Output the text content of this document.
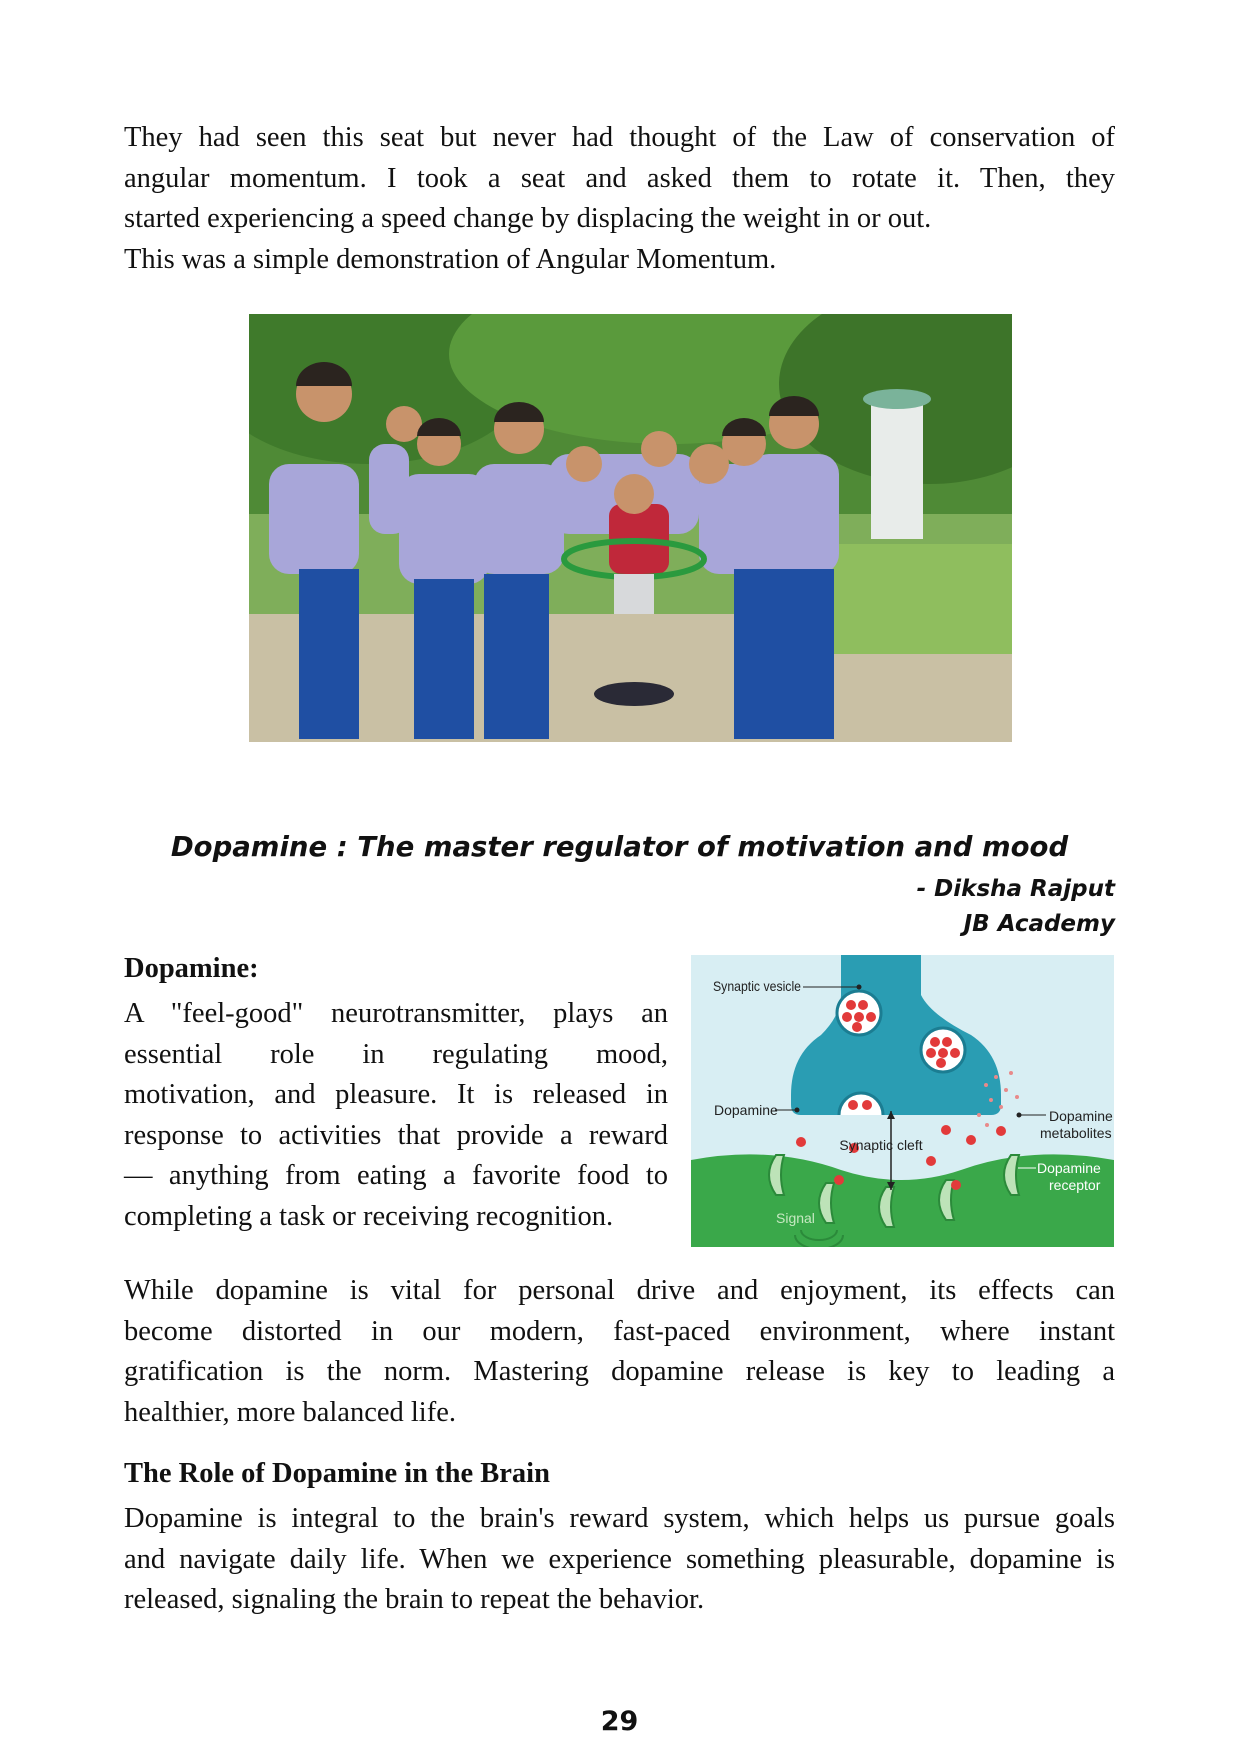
They had seen this seat but never had thought of the Law of conservation of
angular momentum. I took a seat and asked them to rotate it. Then, they
started experiencing a speed change by displacing the weight in or out.
This was a simple demonstration of Angular Momentum.

Dopamine : The master regulator of motivation and mood

- Diksha Rajput

JB Academy

Dopamine:

A "feel-good" neurotransmitter, plays an
essential role in regulating mood,
motivation, and pleasure. It is released in
response to activities that provide a reward
— anything from eating a favorite food to
completing a task or receiving recognition.

Synaptic vesicle
Dopamine
Synaptic cleft
Dopamine
metabolites
Dopamine
receptor
Signal

While dopamine is vital for personal drive and enjoyment, its effects can
become distorted in our modern, fast-paced environment, where instant
gratification is the norm. Mastering dopamine release is key to leading a
healthier, more balanced life.

The Role of Dopamine in the Brain

Dopamine is integral to the brain's reward system, which helps us pursue goals
and navigate daily life. When we experience something pleasurable, dopamine is
released, signaling the brain to repeat the behavior.

29
